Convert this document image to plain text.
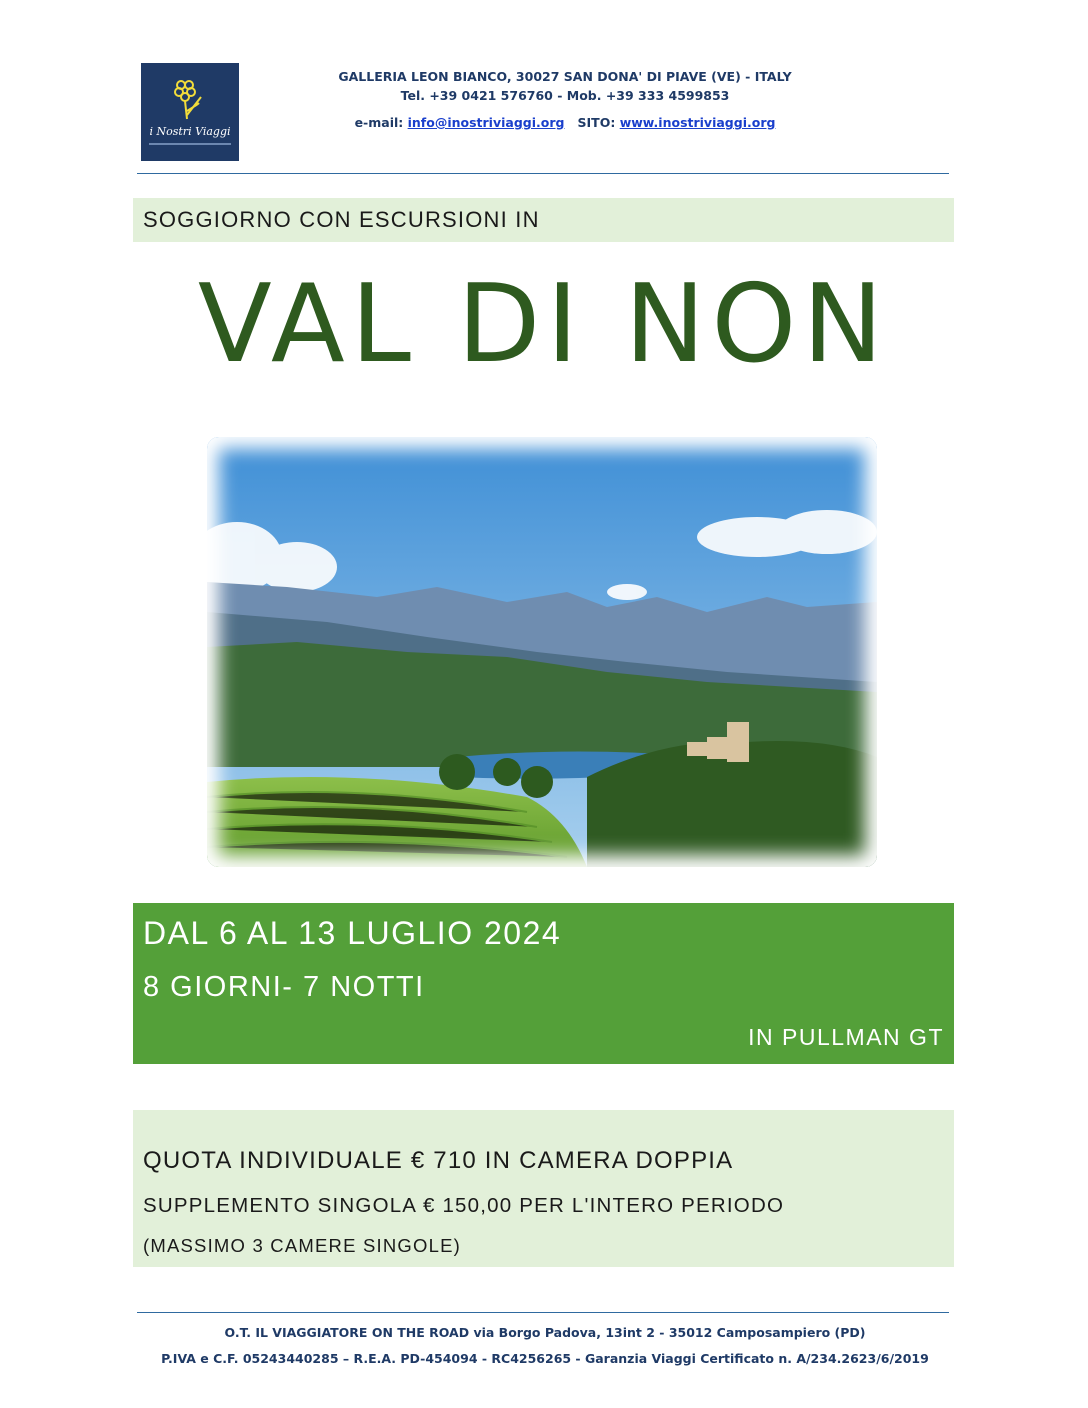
i Nostri Viaggi
GALLERIA LEON BIANCO, 30027 SAN DONA' DI PIAVE (VE) - ITALY
Tel. +39 0421 576760 - Mob. +39 333 4599853
e-mail: info@inostriviaggi.org SITO: www.inostriviaggi.org
SOGGIORNO CON ESCURSIONI IN
VAL DI NON
DAL 6 AL 13 LUGLIO 2024
8 GIORNI- 7 NOTTI
IN PULLMAN GT
QUOTA INDIVIDUALE € 710 IN CAMERA DOPPIA
SUPPLEMENTO SINGOLA € 150,00 PER L'INTERO PERIODO
(MASSIMO 3 CAMERE SINGOLE)
O.T. IL VIAGGIATORE ON THE ROAD via Borgo Padova, 13int 2 - 35012 Camposampiero (PD)
P.IVA e C.F. 05243440285 – R.E.A. PD-454094 - RC4256265 - Garanzia Viaggi Certificato n. A/234.2623/6/2019
